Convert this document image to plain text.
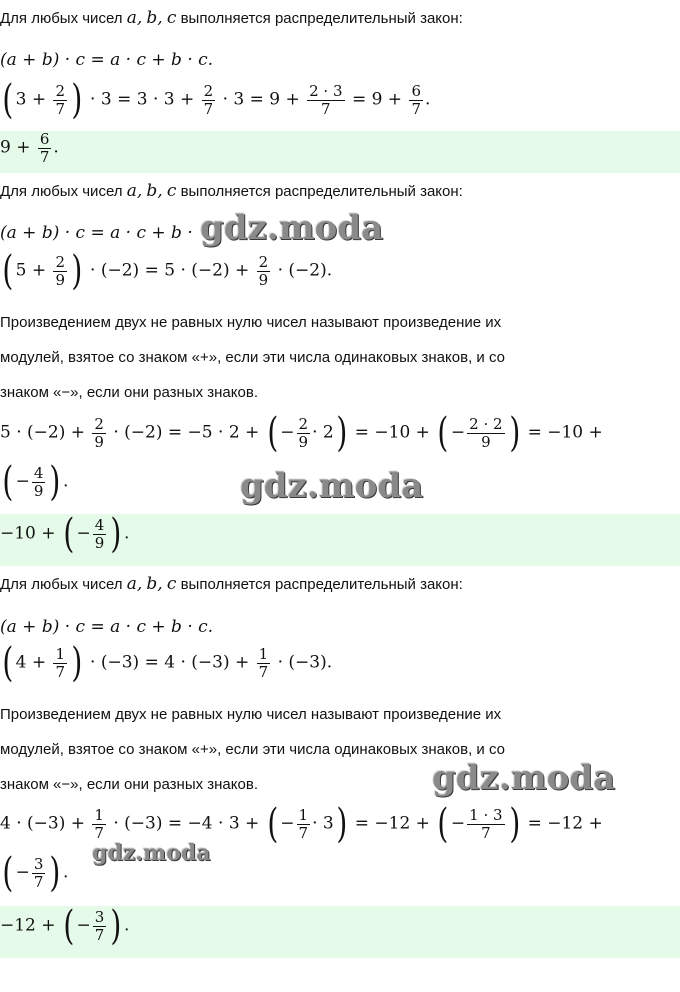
Для любых чисел a, b, c выполняется распределительный закон:
(a + b) · c = a · c + b · c.
( $3 + \frac{2}{7}$ ) · $3 = 3 \cdot 3 + \frac{2}{7} \cdot 3 = 9 + \frac{2 \cdot 3}{7} = 9 + \frac{6}{7}$ .
$9 + \frac{6}{7}$ .
Для любых чисел a, b, c выполняется распределительный закон:
(a + b) · c = a · c + b · gdz.moda
( $5 + \frac{2}{9}$ ) · $(-2) = 5 \cdot (-2) + \frac{2}{9} \cdot (-2)$.
Произведением двух не равных нулю чисел называют произведение их
модулей, взятое со знаком «+», если эти числа одинаковых знаков, и со
знаком «−», если они разных знаков.
$5 \cdot (-2) + \frac{2}{9} \cdot (-2) = -5 \cdot 2$ + ( − $\frac{2}{9} \cdot 2) = -10$ + ( − $\frac{2 \cdot 2}{9}$ ) = −10 +
( − $\frac{4}{9}$ ) .	gdz.moda
−10 + ( − $\frac{4}{9}$ ) .
Для любых чисел a, b, c выполняется распределительный закон:
(a + b) · c = a · c + b · c.
( $4 + \frac{1}{7}$ ) · $(-3) = 4 \cdot (-3) + \frac{1}{7} \cdot (-3)$.
Произведением двух не равных нулю чисел называют произведение их
модулей, взятое со знаком «+», если эти числа одинаковых знаков, и со
знаком «−», если они разных знаков.	gdz.moda
$4 \cdot (-3) + \frac{1}{7} \cdot (-3) = -4 \cdot 3$ + ( − $\frac{1}{7} \cdot 3) = -12$ + ( − $\frac{1 \cdot 3}{7}$ ) = −12 +
gdz.moda
( − $\frac{3}{7}$ ) .
−12 + ( − $\frac{3}{7}$ ) .
